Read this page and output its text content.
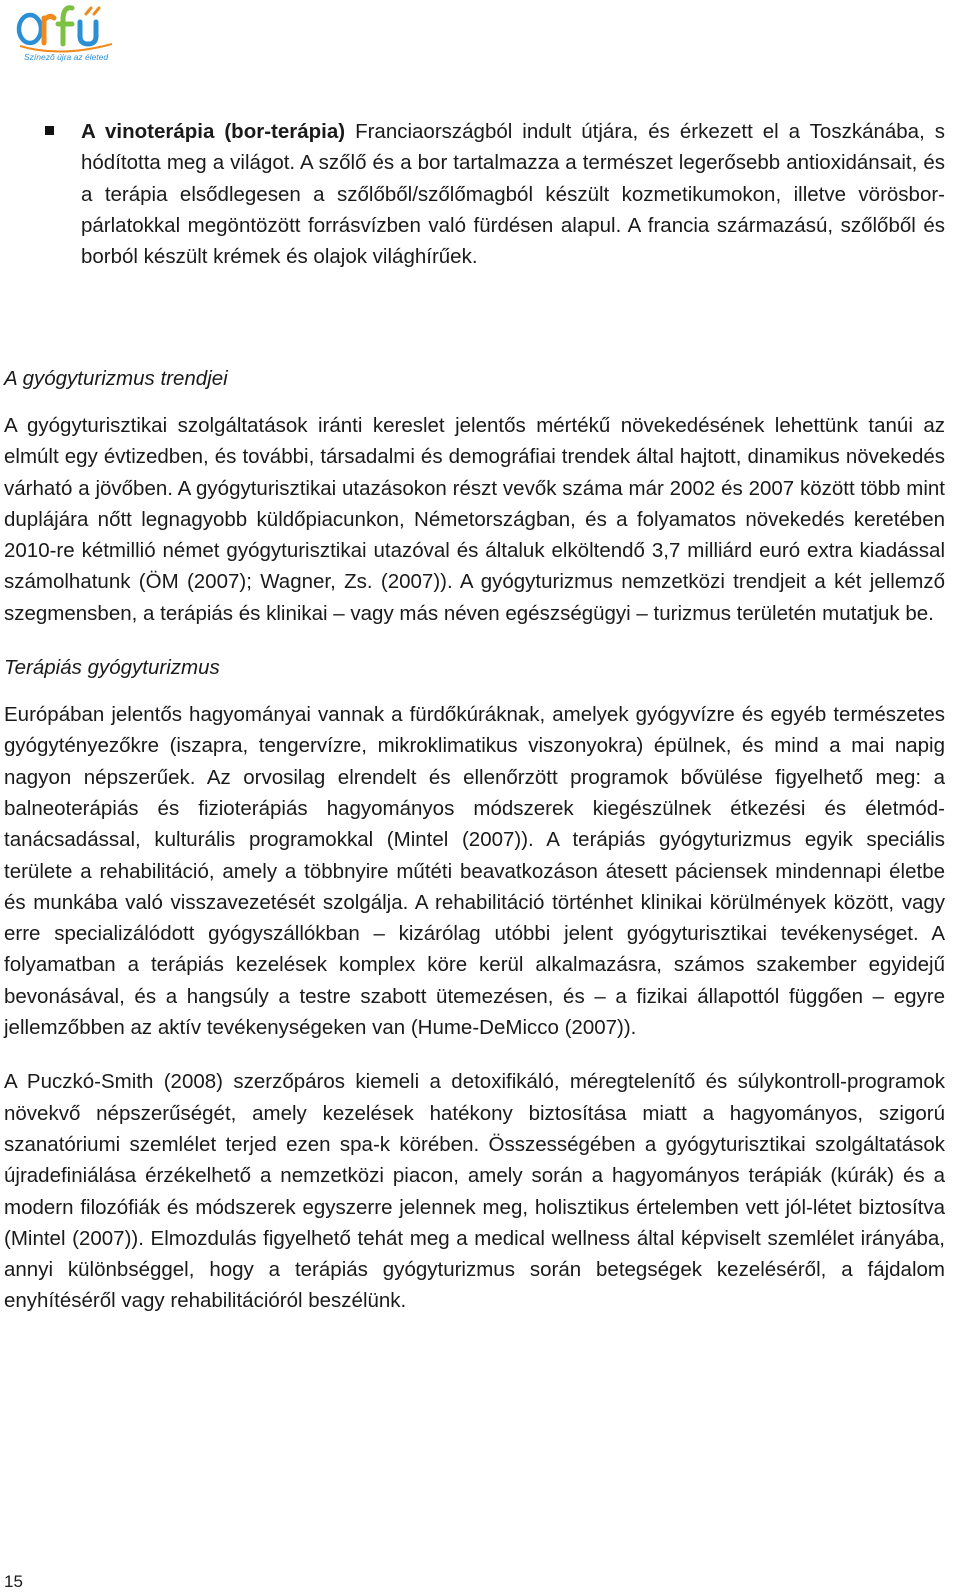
Színező újra az életed

A vinoterápia (bor-terápia) Franciaországból indult útjára, és érkezett el a Toszkánába, s hódította meg a világot. A szőlő és a bor tartalmazza a természet legerősebb antioxidánsait, és a terápia elsődlegesen a szőlőből/szőlőmagból készült kozmetikumokon, illetve vörösbor-párlatokkal megöntözött forrásvízben való fürdésen alapul. A francia származású, szőlőből és borból készült krémek és olajok világhírűek.

A gyógyturizmus trendjei

A gyógyturisztikai szolgáltatások iránti kereslet jelentős mértékű növekedésének lehettünk tanúi az elmúlt egy évtizedben, és további, társadalmi és demográfiai trendek által hajtott, dinamikus növekedés várható a jövőben. A gyógyturisztikai utazásokon részt vevők száma már 2002 és 2007 között több mint duplájára nőtt legnagyobb küldőpiacunkon, Németországban, és a folyamatos növekedés keretében 2010-re kétmillió német gyógyturisztikai utazóval és általuk elköltendő 3,7 milliárd euró extra kiadással számolhatunk (ÖM (2007); Wagner, Zs. (2007)). A gyógyturizmus nemzetközi trendjeit a két jellemző szegmensben, a terápiás és klinikai – vagy más néven egészségügyi – turizmus területén mutatjuk be.

Terápiás gyógyturizmus

Európában jelentős hagyományai vannak a fürdőkúráknak, amelyek gyógyvízre és egyéb természetes gyógytényezőkre (iszapra, tengervízre, mikroklimatikus viszonyokra) épülnek, és mind a mai napig nagyon népszerűek. Az orvosilag elrendelt és ellenőrzött programok bővülése figyelhető meg: a balneoterápiás és fizioterápiás hagyományos módszerek kiegészülnek étkezési és életmód-tanácsadással, kulturális programokkal (Mintel (2007)). A terápiás gyógyturizmus egyik speciális területe a rehabilitáció, amely a többnyire műtéti beavatkozáson átesett páciensek mindennapi életbe és munkába való visszavezetését szolgálja. A rehabilitáció történhet klinikai körülmények között, vagy erre specializálódott gyógyszállókban – kizárólag utóbbi jelent gyógyturisztikai tevékenységet. A folyamatban a terápiás kezelések komplex köre kerül alkalmazásra, számos szakember egyidejű bevonásával, és a hangsúly a testre szabott ütemezésen, és – a fizikai állapottól függően – egyre jellemzőbben az aktív tevékenységeken van (Hume-DeMicco (2007)).

A Puczkó-Smith (2008) szerzőpáros kiemeli a detoxifikáló, méregtelenítő és súlykontroll-programok növekvő népszerűségét, amely kezelések hatékony biztosítása miatt a hagyományos, szigorú szanatóriumi szemlélet terjed ezen spa-k körében. Összességében a gyógyturisztikai szolgáltatások újradefiniálása érzékelhető a nemzetközi piacon, amely során a hagyományos terápiák (kúrák) és a modern filozófiák és módszerek egyszerre jelennek meg, holisztikus értelemben vett jól-létet biztosítva (Mintel (2007)). Elmozdulás figyelhető tehát meg a medical wellness által képviselt szemlélet irányába, annyi különbséggel, hogy a terápiás gyógyturizmus során betegségek kezeléséről, a fájdalom enyhítéséről vagy rehabilitációról beszélünk.

15
